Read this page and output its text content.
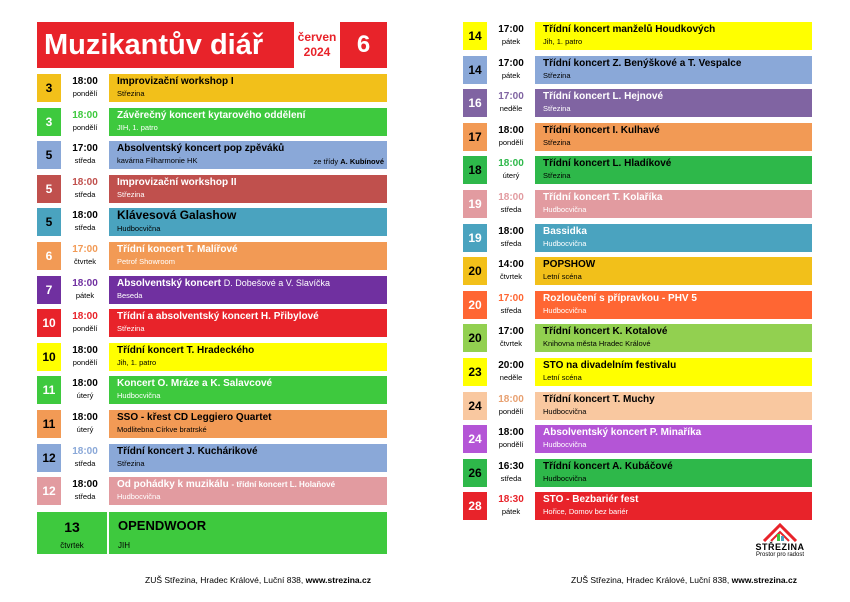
Muzikantův diář	červen
2024	6
3	18:00
pondělí
Improvizační workshop I
Střezina
3	18:00
pondělí
Závěrečný koncert kytarového oddělení
JIH, 1. patro
5	17:00
středa
Absolventský koncert pop zpěváků
kavárna Filharmonie HK	ze třídy A. Kubínové
5	18:00
středa
Improvizační workshop II
Střezina
5	18:00
středa
Klávesová Galashow
Hudbocvična
6	17:00
čtvrtek
Třídní koncert T. Malířové
Petrof Showroom
7	18:00
pátek
Absolventský koncert D. Dobešové a V. Slavíčka
Beseda
10	18:00
pondělí
Třídní a absolventský koncert H. Přibylové
Střezina
10	18:00
pondělí
Třídní koncert T. Hradeckého
Jih, 1. patro
11	18:00
úterý
Koncert O. Mráze a K. Salavcové
Hudbocvična
11	18:00
úterý
SSO - křest CD Leggiero Quartet
Modlitebna Církve bratrské
12	18:00
středa
Třídní koncert J. Kuchárikové
Střezina
12	18:00
středa
Od pohádky k muzikálu - třídní koncert L. Holaňové
Hudbocvična
14	17:00
pátek
Třídní koncert manželů Houdkových
Jih, 1. patro
14	17:00
pátek
Třídní koncert Z. Benýškové a T. Vespalce
Střezina
16	17:00
neděle
Třídní koncert L. Hejnové
Střezina
17	18:00
pondělí
Třídní koncert I. Kulhavé
Střezina
18	18:00
úterý
Třídní koncert L. Hladíkové
Střezina
19	18:00
středa
Třídní koncert T. Kolaříka
Hudbocvična
19	18:00
středa
Bassidka
Hudbocvična
20	14:00
čtvrtek
POPSHOW
Letní scéna
20	17:00
středa
Rozloučení s přípravkou - PHV 5
Hudbocvična
20	17:00
čtvrtek
Třídní koncert K. Kotalové
Knihovna města Hradec Králové
23	20:00
neděle
STO na divadelním festivalu
Letní scéna
24	18:00
pondělí
Třídní koncert T. Muchy
Hudbocvična
24	18:00
pondělí
Absolventský koncert P. Minaříka
Hudbocvična
26	16:30
středa
Třídní koncert A. Kubáčové
Hudbocvična
28	18:30
pátek
STO - Bezbariér fest
Hořice, Domov bez bariér
13
čtvrtek
OPENDWOOR
JIH
ZUŠ Střezina, Hradec Králové, Luční 838, www.strezina.cz	ZUŠ Střezina, Hradec Králové, Luční 838, www.strezina.cz
STŘEZINA
Prostor pro radost
